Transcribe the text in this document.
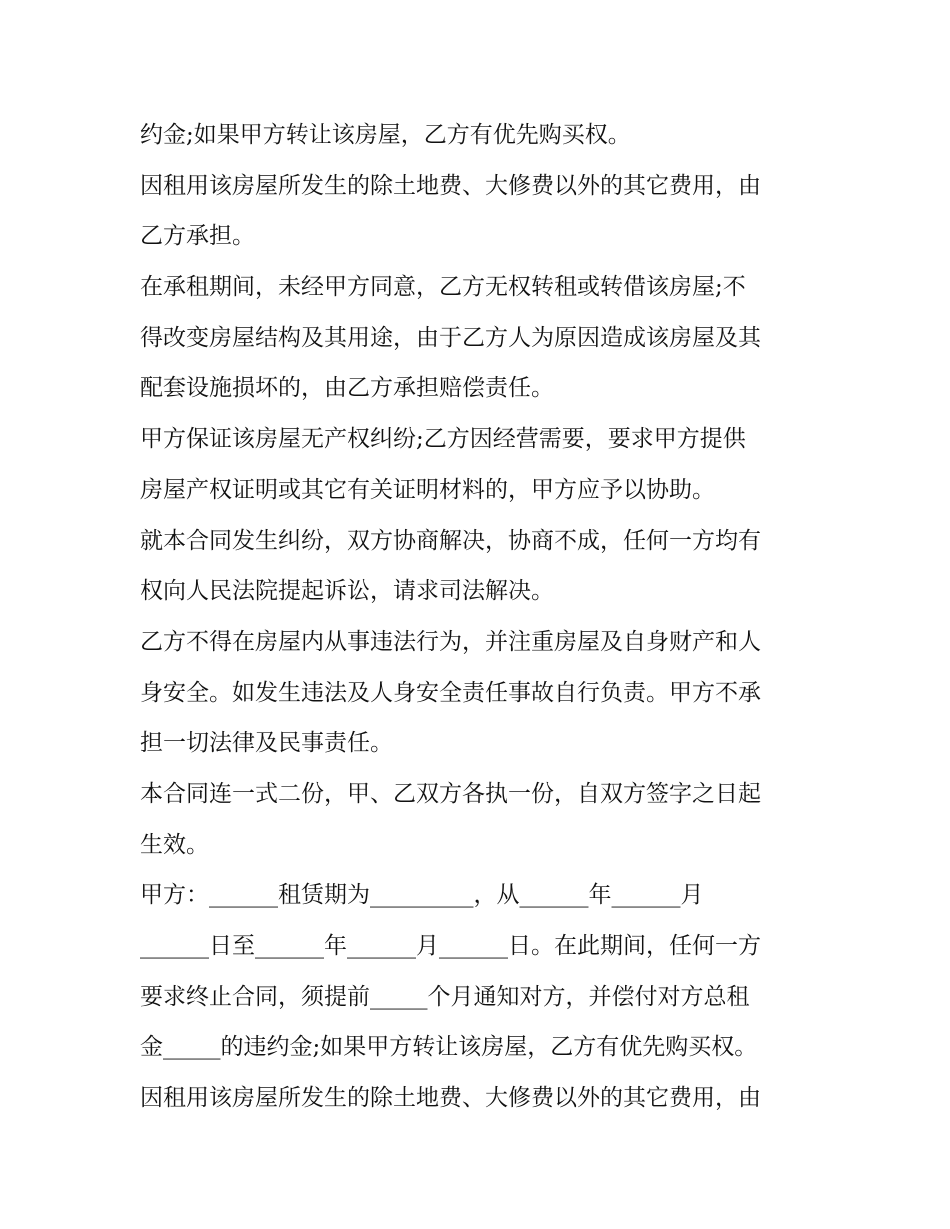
约金;如果甲方转让该房屋，乙方有优先购买权。
因租用该房屋所发生的除土地费、大修费以外的其它费用，由
乙方承担。
在承租期间，未经甲方同意，乙方无权转租或转借该房屋;不
得改变房屋结构及其用途，由于乙方人为原因造成该房屋及其
配套设施损坏的，由乙方承担赔偿责任。
甲方保证该房屋无产权纠纷;乙方因经营需要，要求甲方提供
房屋产权证明或其它有关证明材料的，甲方应予以协助。
就本合同发生纠纷，双方协商解决，协商不成，任何一方均有
权向人民法院提起诉讼，请求司法解决。
乙方不得在房屋内从事违法行为，并注重房屋及自身财产和人
身安全。如发生违法及人身安全责任事故自行负责。甲方不承
担一切法律及民事责任。
本合同连一式二份，甲、乙双方各执一份，自双方签字之日起
生效。
甲方：______租赁期为_________，从______年______月
______日至______年______月______日。在此期间，任何一方
要求终止合同，须提前_____个月通知对方，并偿付对方总租
金_____的违约金;如果甲方转让该房屋，乙方有优先购买权。
因租用该房屋所发生的除土地费、大修费以外的其它费用，由
